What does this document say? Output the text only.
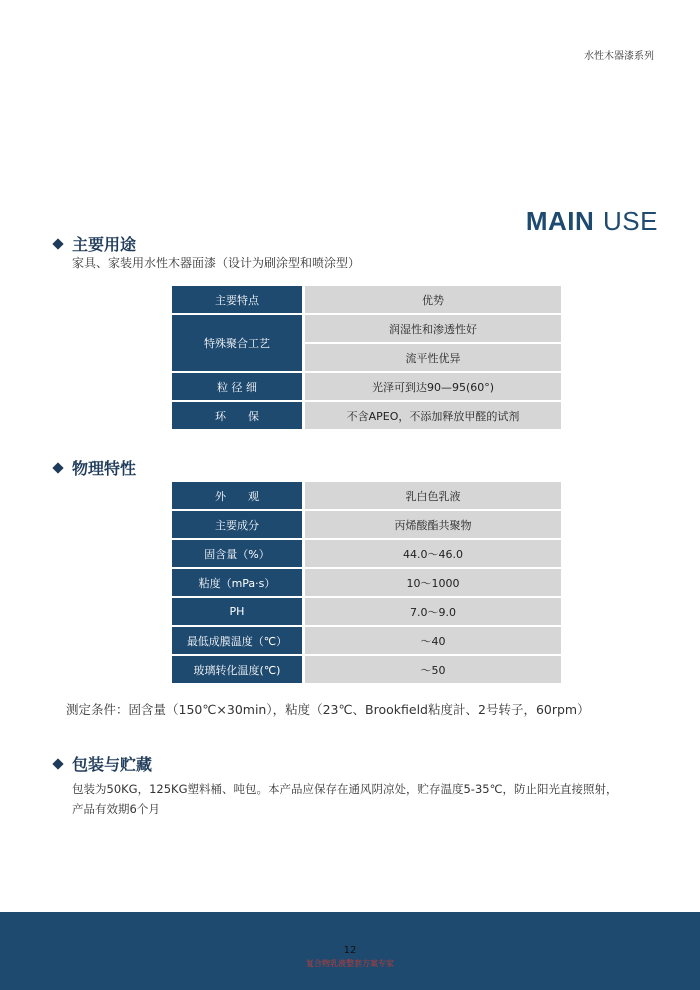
水性木器漆系列
MAIN USE
主要用途
家具、家装用水性木器面漆（设计为刷涂型和喷涂型）
主要特点	优势
特殊聚合工艺	润湿性和渗透性好
	流平性优异
粒 径 细	光泽可到达90—95(60°)
环　　保	不含APEO，不添加释放甲醛的试剂
物理特性
外　　观	乳白色乳液
主要成分	丙烯酸酯共聚物
固含量（%）	44.0～46.0
粘度（mPa·s）	10～1000
PH	7.0～9.0
最低成膜温度（℃）	～40
玻璃转化温度(℃)	～50
测定条件：固含量（150℃×30min），粘度（23℃、Brookfield粘度計、2号转子，60rpm）
包装与贮藏
包装为50KG，125KG塑料桶、吨包。本产品应保存在通风阴凉处，贮存温度5-35℃，防止阳光直接照射，
产品有效期6个月
12
复合物乳液整套方案专家
